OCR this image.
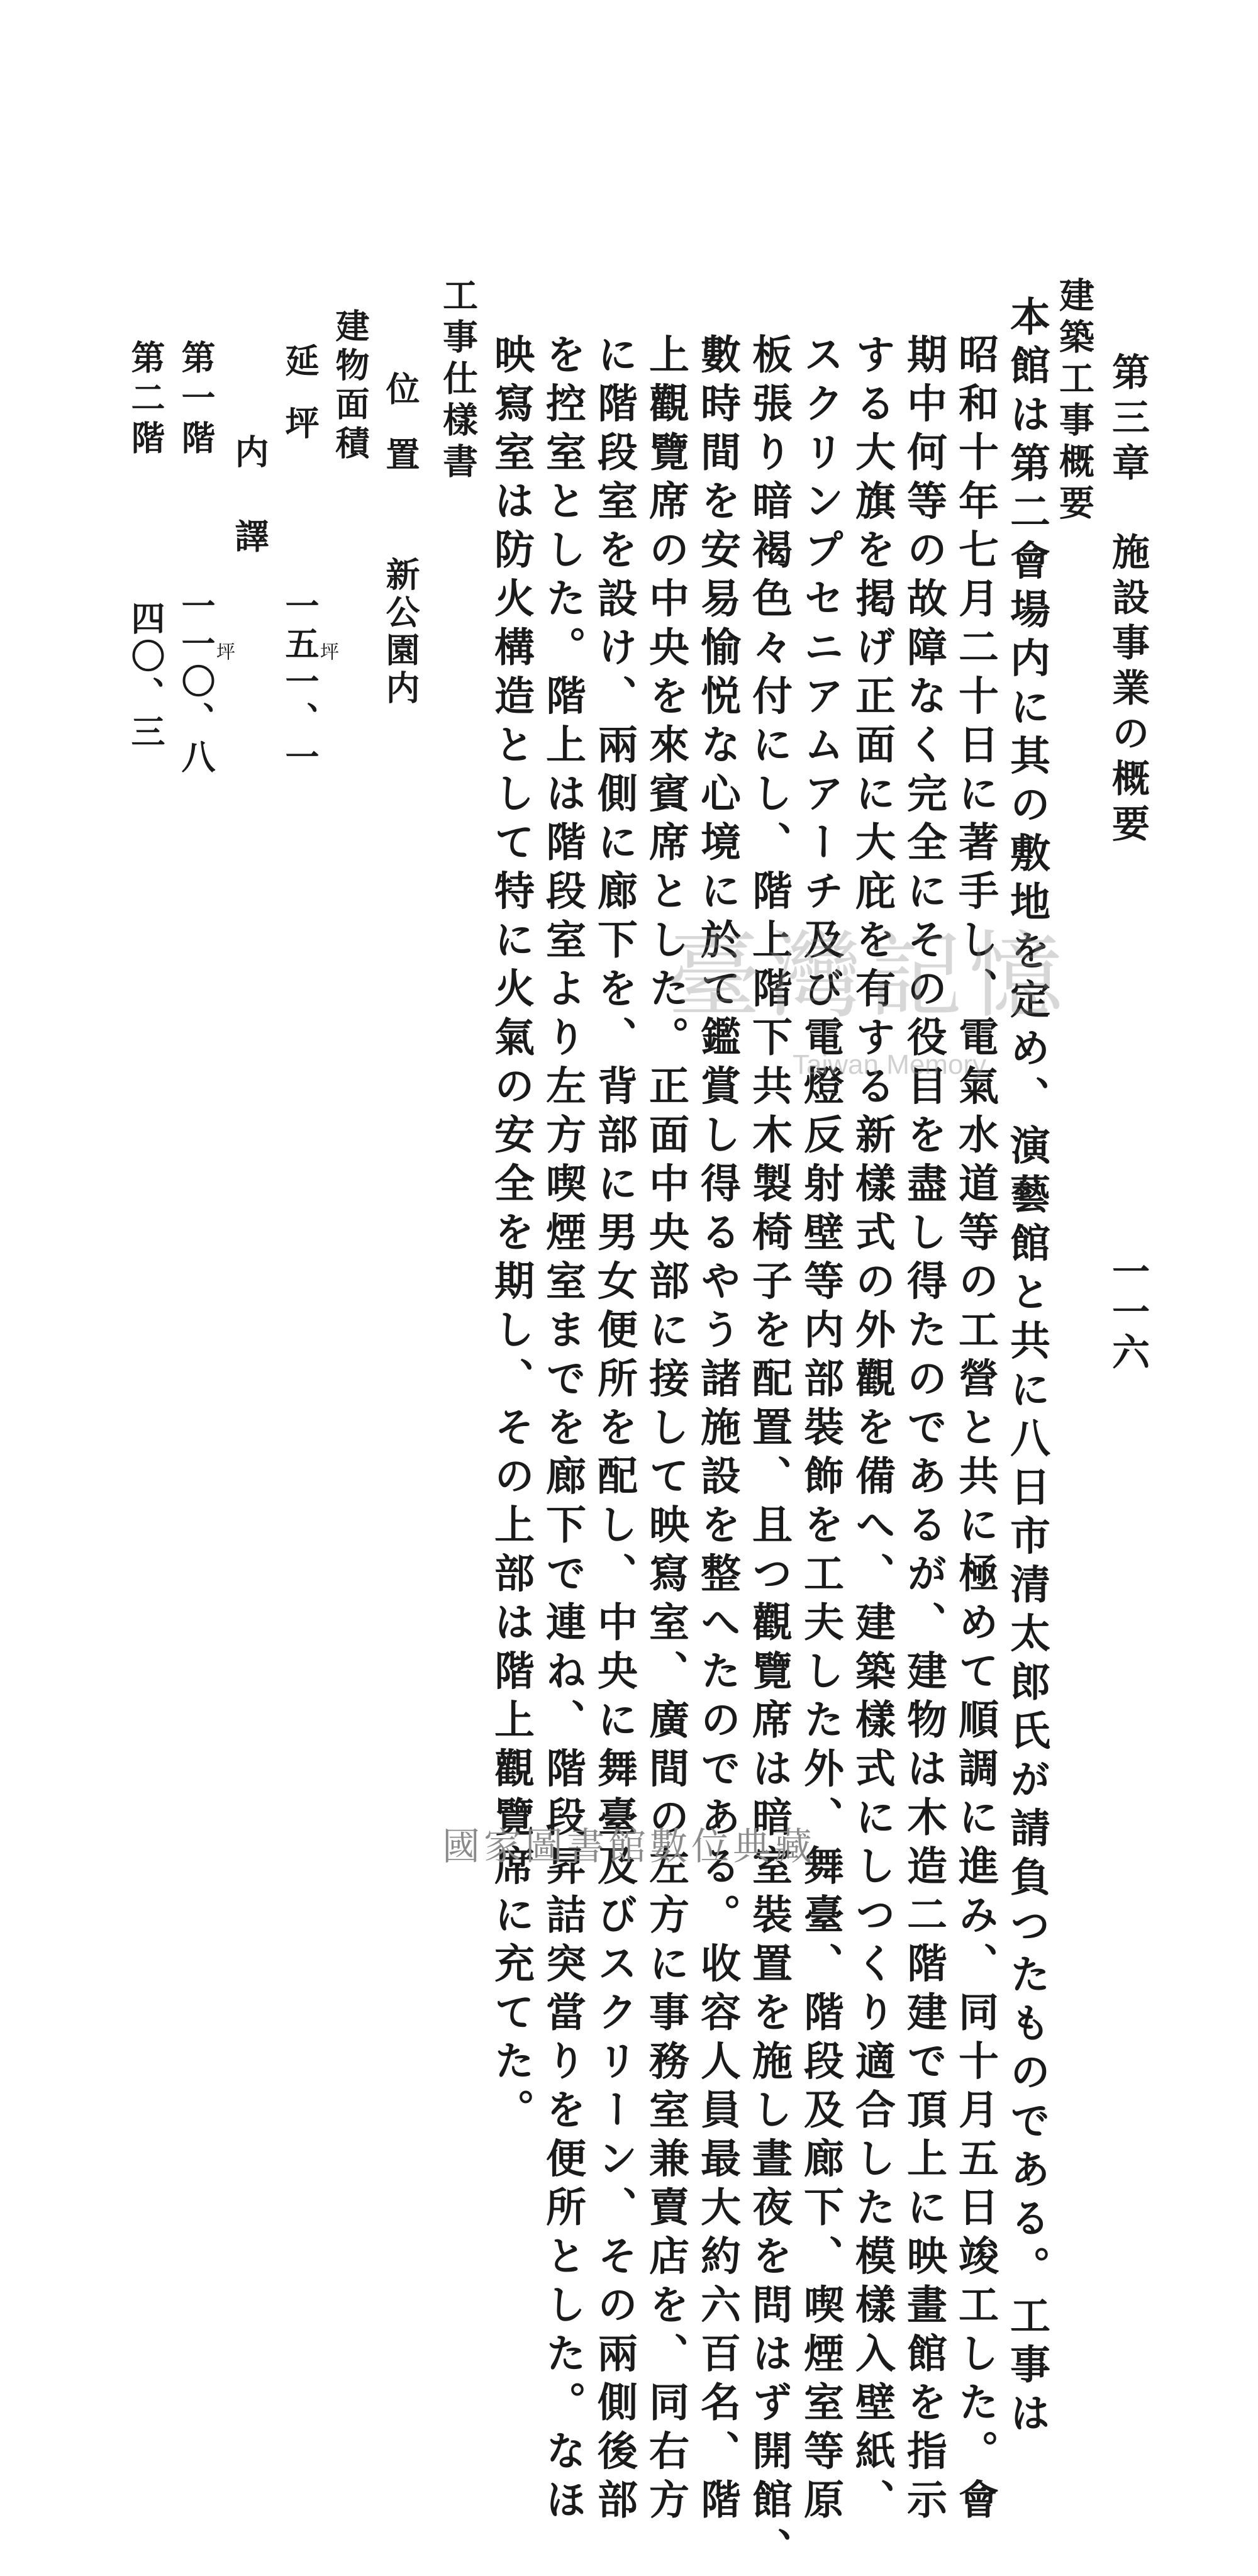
第三章施設事業の概要
一一六
建築工事概要
本館は第二會場内に其の敷地を定め、演藝館と共に八日市清太郎氏が請負つたものである。工事は
昭和十年七月二十日に著手し、電氣水道等の工營と共に極めて順調に進み、同十月五日竣工した。會
期中何等の故障なく完全にその役目を盡し得たのであるが、建物は木造二階建で頂上に映畫館を指示
する大旗を掲げ正面に大庇を有する新樣式の外觀を備へ、建築樣式にしつくり適合した模樣入壁紙、
スクリンプセニアムアーチ及び電燈反射壁等内部裝飾を工夫した外、舞臺、階段及廊下、喫煙室等原
板張り暗褐色々付にし、階上階下共木製椅子を配置、且つ觀覽席は暗室裝置を施し晝夜を問はず開館、
數時間を安易愉悦な心境に於て鑑賞し得るやう諸施設を整へたのである。收容人員最大約六百名、階
上觀覽席の中央を來賓席とした。正面中央部に接して映寫室、廣間の左方に事務室兼賣店を、同右方
に階段室を設け、兩側に廊下を、背部に男女便所を配し、中央に舞臺及びスクリーン、その兩側後部
を控室とした。階上は階段室より左方喫煙室までを廊下で連ね、階段昇詰突當りを便所とした。なほ
映寫室は防火構造として特に火氣の安全を期し、その上部は階上觀覽席に充てた。
工事仕樣書
位置
新公園内
建物面積
延坪
一五一、一
坪
内譯
第一階
一一〇、八
坪
第二階
四〇、三
臺灣記憶
Taiwan Memory
國家圖書館數位典藏
